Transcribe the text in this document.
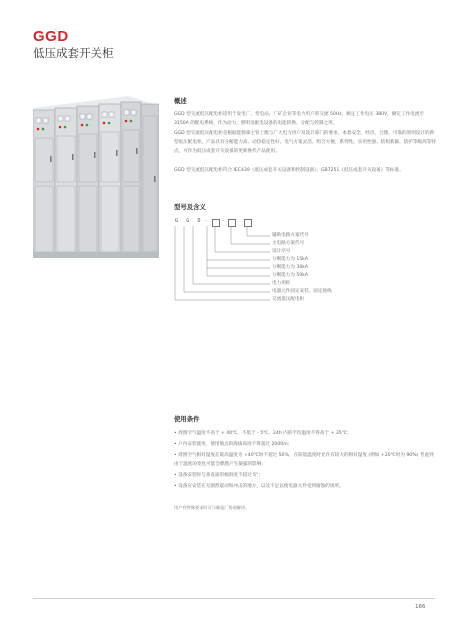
GGD
低压成套开关柜
概述

GGD 型交流低压配电柜适用于发电厂、变电站、厂矿企业等电力用户的交流 50Hz，额定工作电压 380V，额定工作电流至 3150A 的配电系统，作为动力、照明及配电设备的电能转换、分配与控制之用。

GGD 型交流低压配电柜是根据能源部主管上级与广大电力用户及设计部门的要求，本着安全、经济、合理、可靠的原则设计的新型低压配电柜。产品具有分断能力高、动热稳定性好、电气方案灵活、组合方便、系列性、实用性强、结构新颖、防护等级高等特点，可作为低压成套开关设备的更新换代产品使用。

GGD 型交流低压配电柜符合 IEC439《低压成套开关设备和控制设备》、GB7251《低压成套开关设备》等标准。

型号及含义
G G D -	-
辅助电路方案代号
主电路方案代号
设计序号
分断能力为 15kA
分断能力为 30kA
分断能力为 50kA
电力用柜
电器元件固定安装、固定接线
交流低压配电柜
使用条件
• 周围空气温度不高于 + 40℃，不低于 - 5℃，24h 内的平均温度不得高于 + 35℃；
• 户内安装使用，使用地点的海拔高度不得超过 2000m；
• 周围空气相对湿度在最高温度为 +40℃时不超过 50%，在较低温度时允许有较大的相对湿度 (例如 +20℃时为 90%) 考虑到由于温度的变化可能会偶然产生凝露的影响；
• 设备安装时与垂直面的倾斜度不超过 5°；
• 设备应安装在无剧烈震动和冲击的地方，以及不足以使电器元件受到腐蚀的场所。
用户有特殊要求时可与制造厂协商解决。
166
